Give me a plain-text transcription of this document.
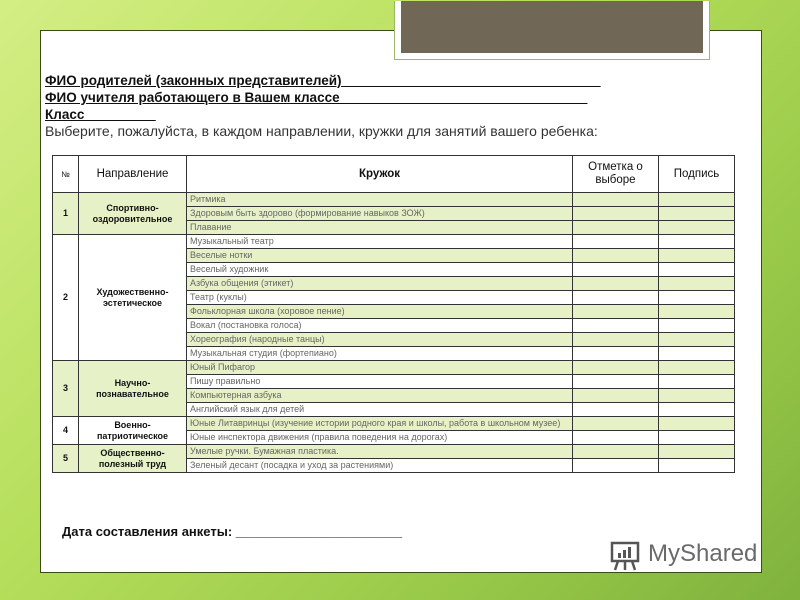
ФИО родителей (законных представителей) __________________________________
ФИО учителя работающего в Вашем классе_________________________________
Класс _________
Выберите, пожалуйста, в каждом направлении, кружки для занятий вашего ребенка:
№	Направление	Кружок	Отметка о выборе	Подпись
1	Спортивно-оздоровительное	Ритмика		
		Здоровым быть здорово (формирование навыков ЗОЖ)		
		Плавание		
2	Художественно-эстетическое	Музыкальный театр		
		Веселые нотки		
		Веселый художник		
		Азбука общения (этикет)		
		Театр (куклы)		
		Фольклорная школа (хоровое пение)		
		Вокал (постановка голоса)		
		Хореография (народные танцы)		
		Музыкальная студия (фортепиано)		
3	Научно-познавательное	Юный Пифагор		
		Пишу правильно		
		Компьютерная азбука		
		Английский язык для детей		
4	Военно-патриотическое	Юные Литавринцы (изучение истории родного края и школы, работа в школьном музее)		
		Юные инспектора движения (правила поведения на дорогах)		
5	Общественно-полезный труд	Умелые ручки. Бумажная пластика.		
		Зеленый десант (посадка и уход за растениями)		
Дата составления анкеты: _______________________
MyShared
